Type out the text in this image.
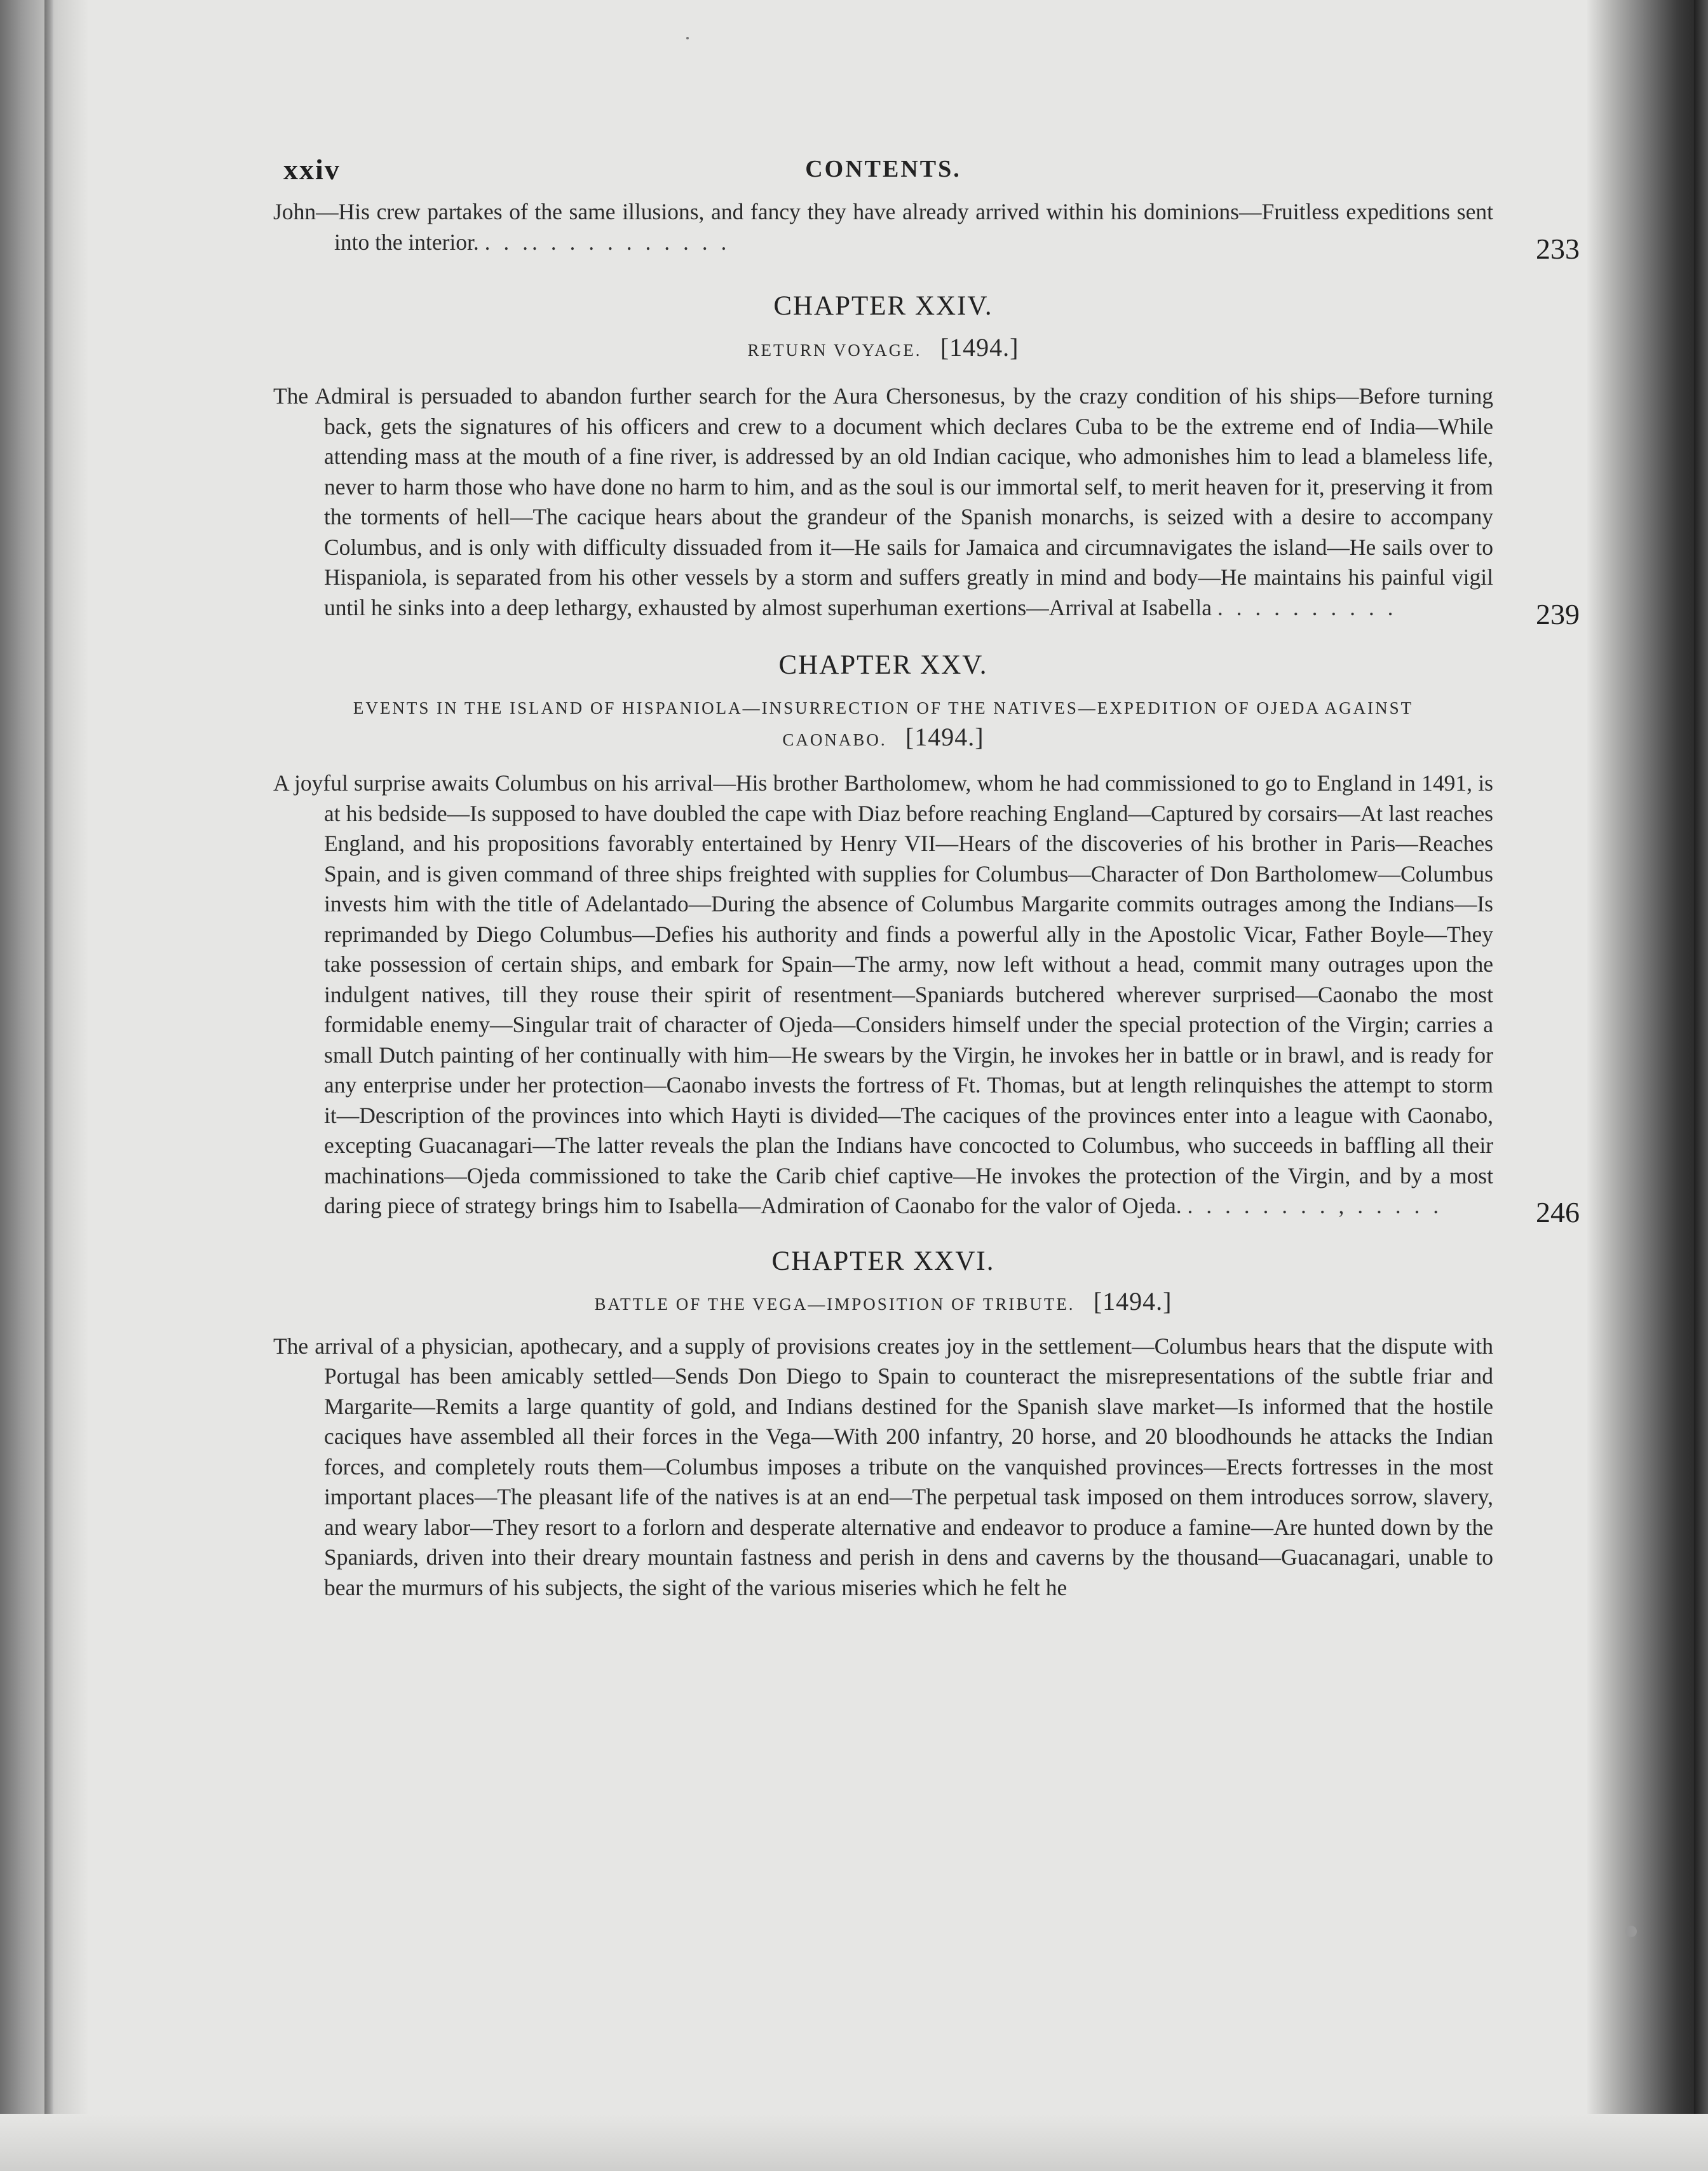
xxiv	CONTENTS.
John—His crew partakes of the same illusions, and fancy they have already arrived within his dominions—Fruitless expeditions sent into the interior. . . .. . . . . . . . . . .	233
CHAPTER XXIV.
RETURN VOYAGE. [1494.]
The Admiral is persuaded to abandon further search for the Aura Chersonesus, by the crazy condition of his ships—Before turning back, gets the signatures of his officers and crew to a document which declares Cuba to be the extreme end of India—While attending mass at the mouth of a fine river, is addressed by an old Indian cacique, who admonishes him to lead a blameless life, never to harm those who have done no harm to him, and as the soul is our immortal self, to merit heaven for it, preserving it from the torments of hell—The cacique hears about the grandeur of the Spanish monarchs, is seized with a desire to accompany Columbus, and is only with difficulty dissuaded from it—He sails for Jamaica and circumnavigates the island—He sails over to Hispaniola, is separated from his other vessels by a storm and suffers greatly in mind and body—He maintains his painful vigil until he sinks into a deep lethargy, exhausted by almost superhuman exertions—Arrival at Isabella . . . . . . . . . .	239
CHAPTER XXV.
EVENTS IN THE ISLAND OF HISPANIOLA—INSURRECTION OF THE NATIVES—EXPEDITION OF OJEDA AGAINST CAONABO. [1494.]
A joyful surprise awaits Columbus on his arrival—His brother Bartholomew, whom he had commissioned to go to England in 1491, is at his bedside—Is supposed to have doubled the cape with Diaz before reaching England—Captured by corsairs—At last reaches England, and his propositions favorably entertained by Henry VII—Hears of the discoveries of his brother in Paris—Reaches Spain, and is given command of three ships freighted with supplies for Columbus—Character of Don Bartholomew—Columbus invests him with the title of Adelantado—During the absence of Columbus Margarite commits outrages among the Indians—Is reprimanded by Diego Columbus—Defies his authority and finds a powerful ally in the Apostolic Vicar, Father Boyle—They take possession of certain ships, and embark for Spain—The army, now left without a head, commit many outrages upon the indulgent natives, till they rouse their spirit of resentment—Spaniards butchered wherever surprised—Caonabo the most formidable enemy—Singular trait of character of Ojeda—Considers himself under the special protection of the Virgin; carries a small Dutch painting of her continually with him—He swears by the Virgin, he invokes her in battle or in brawl, and is ready for any enterprise under her protection—Caonabo invests the fortress of Ft. Thomas, but at length relinquishes the attempt to storm it—Description of the provinces into which Hayti is divided—The caciques of the provinces enter into a league with Caonabo, excepting Guacanagari—The latter reveals the plan the Indians have concocted to Columbus, who succeeds in baffling all their machinations—Ojeda commissioned to take the Carib chief captive—He invokes the protection of the Virgin, and by a most daring piece of strategy brings him to Isabella—Admiration of Caonabo for the valor of Ojeda. . . . . . . . . , . . . . .	246
CHAPTER XXVI.
BATTLE OF THE VEGA—IMPOSITION OF TRIBUTE. [1494.]
The arrival of a physician, apothecary, and a supply of provisions creates joy in the settlement—Columbus hears that the dispute with Portugal has been amicably settled—Sends Don Diego to Spain to counteract the misrepresentations of the subtle friar and Margarite—Remits a large quantity of gold, and Indians destined for the Spanish slave market—Is informed that the hostile caciques have assembled all their forces in the Vega—With 200 infantry, 20 horse, and 20 bloodhounds he attacks the Indian forces, and completely routs them—Columbus imposes a tribute on the vanquished provinces—Erects fortresses in the most important places—The pleasant life of the natives is at an end—The perpetual task imposed on them introduces sorrow, slavery, and weary labor—They resort to a forlorn and desperate alternative and endeavor to produce a famine—Are hunted down by the Spaniards, driven into their dreary mountain fastness and perish in dens and caverns by the thousand—Guacanagari, unable to bear the murmurs of his subjects, the sight of the various miseries which he felt he
